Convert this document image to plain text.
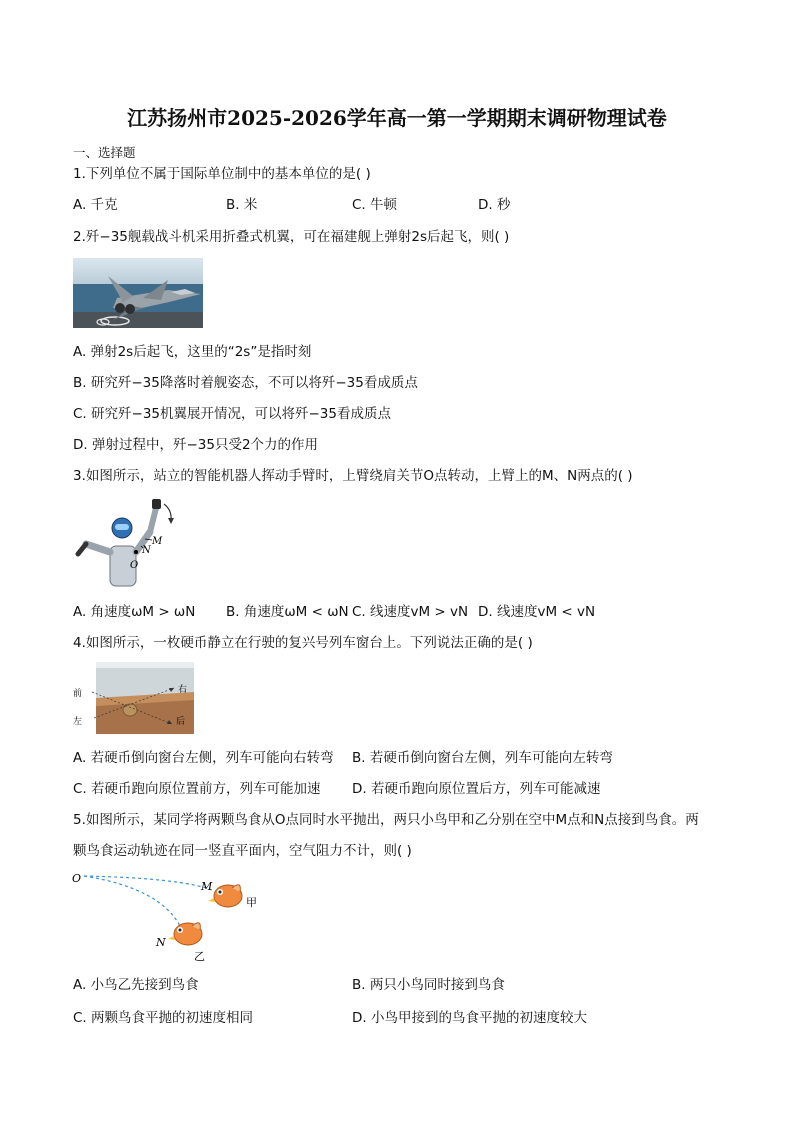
江苏扬州市2025-2026学年高一第一学期期末调研物理试卷
一、选择题
1.下列单位不属于国际单位制中的基本单位的是( )
A. 千克	B. 米	C. 牛顿	D. 秒
2.歼−35舰载战斗机采用折叠式机翼，可在福建舰上弹射2s后起飞，则( )
A. 弹射2s后起飞，这里的“2s”是指时刻
B. 研究歼−35降落时着舰姿态，不可以将歼−35看成质点
C. 研究歼−35机翼展开情况，可以将歼−35看成质点
D. 弹射过程中，歼−35只受2个力的作用
3.如图所示，站立的智能机器人挥动手臂时，上臂绕肩关节O点转动，上臂上的M、N两点的( )
O
M
N
A. 角速度ωM > ωN B. 角速度ωM < ωN C. 线速度vM > vN D. 线速度vM < vN
4.如图所示，一枚硬币静立在行驶的复兴号列车窗台上。下列说法正确的是( )
前	右
左	后
A. 若硬币倒向窗台左侧，列车可能向右转弯 B. 若硬币倒向窗台左侧，列车可能向左转弯
C. 若硬币跑向原位置前方，列车可能加速 D. 若硬币跑向原位置后方，列车可能减速
5.如图所示，某同学将两颗鸟食从O点同时水平抛出，两只小鸟甲和乙分别在空中M点和N点接到鸟食。两
颗鸟食运动轨迹在同一竖直平面内，空气阻力不计，则( )
O
M
N
甲
乙
A. 小鸟乙先接到鸟食	B. 两只小鸟同时接到鸟食
C. 两颗鸟食平抛的初速度相同	D. 小鸟甲接到的鸟食平抛的初速度较大
